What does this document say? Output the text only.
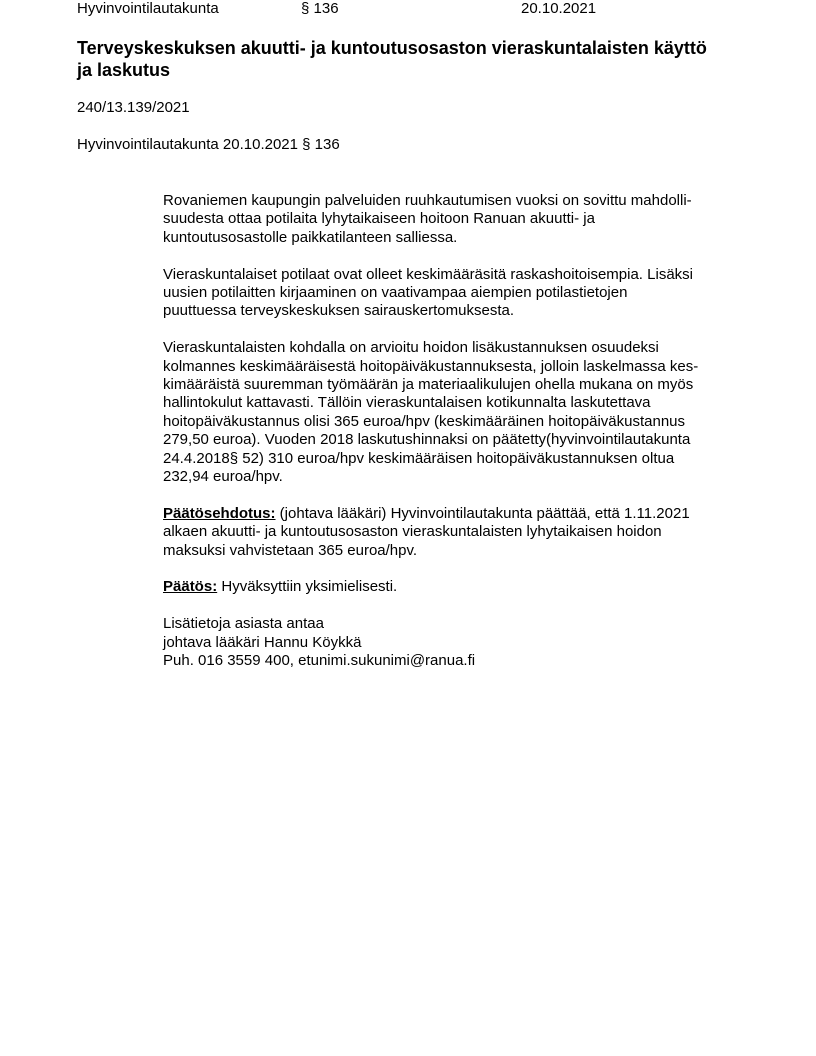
Hyvinvointilautakunta	§ 136	20.10.2021
Terveyskeskuksen akuutti- ja kuntoutusosaston vieraskuntalaisten käyttö
ja laskutus
240/13.139/2021
Hyvinvointilautakunta 20.10.2021 § 136

Rovaniemen kaupungin palveluiden ruuhkautumisen vuoksi on sovittu mahdolli-
suudesta ottaa potilaita lyhytaikaiseen hoitoon Ranuan akuutti- ja
kuntoutusosastolle paikkatilanteen salliessa.

Vieraskuntalaiset potilaat ovat olleet keskimääräsitä raskashoitoisempia. Lisäksi
uusien potilaitten kirjaaminen on vaativampaa aiempien potilastietojen
puuttuessa terveyskeskuksen sairauskertomuksesta.

Vieraskuntalaisten kohdalla on arvioitu hoidon lisäkustannuksen osuudeksi
kolmannes keskimääräisestä hoitopäiväkustannuksesta, jolloin laskelmassa kes-
kimääräistä suuremman työmäärän ja materiaalikulujen ohella mukana on myös
hallintokulut kattavasti. Tällöin vieraskuntalaisen kotikunnalta laskutettava
hoitopäiväkustannus olisi 365 euroa/hpv (keskimääräinen hoitopäiväkustannus
279,50 euroa). Vuoden 2018 laskutushinnaksi on päätetty(hyvinvointilautakunta
24.4.2018§ 52) 310 euroa/hpv keskimääräisen hoitopäiväkustannuksen oltua
232,94 euroa/hpv.

Päätösehdotus: (johtava lääkäri) Hyvinvointilautakunta päättää, että 1.11.2021
alkaen akuutti- ja kuntoutusosaston vieraskuntalaisten lyhytaikaisen hoidon
maksuksi vahvistetaan 365 euroa/hpv.

Päätös: Hyväksyttiin yksimielisesti.

Lisätietoja asiasta antaa
johtava lääkäri Hannu Köykkä
Puh. 016 3559 400, etunimi.sukunimi@ranua.fi
